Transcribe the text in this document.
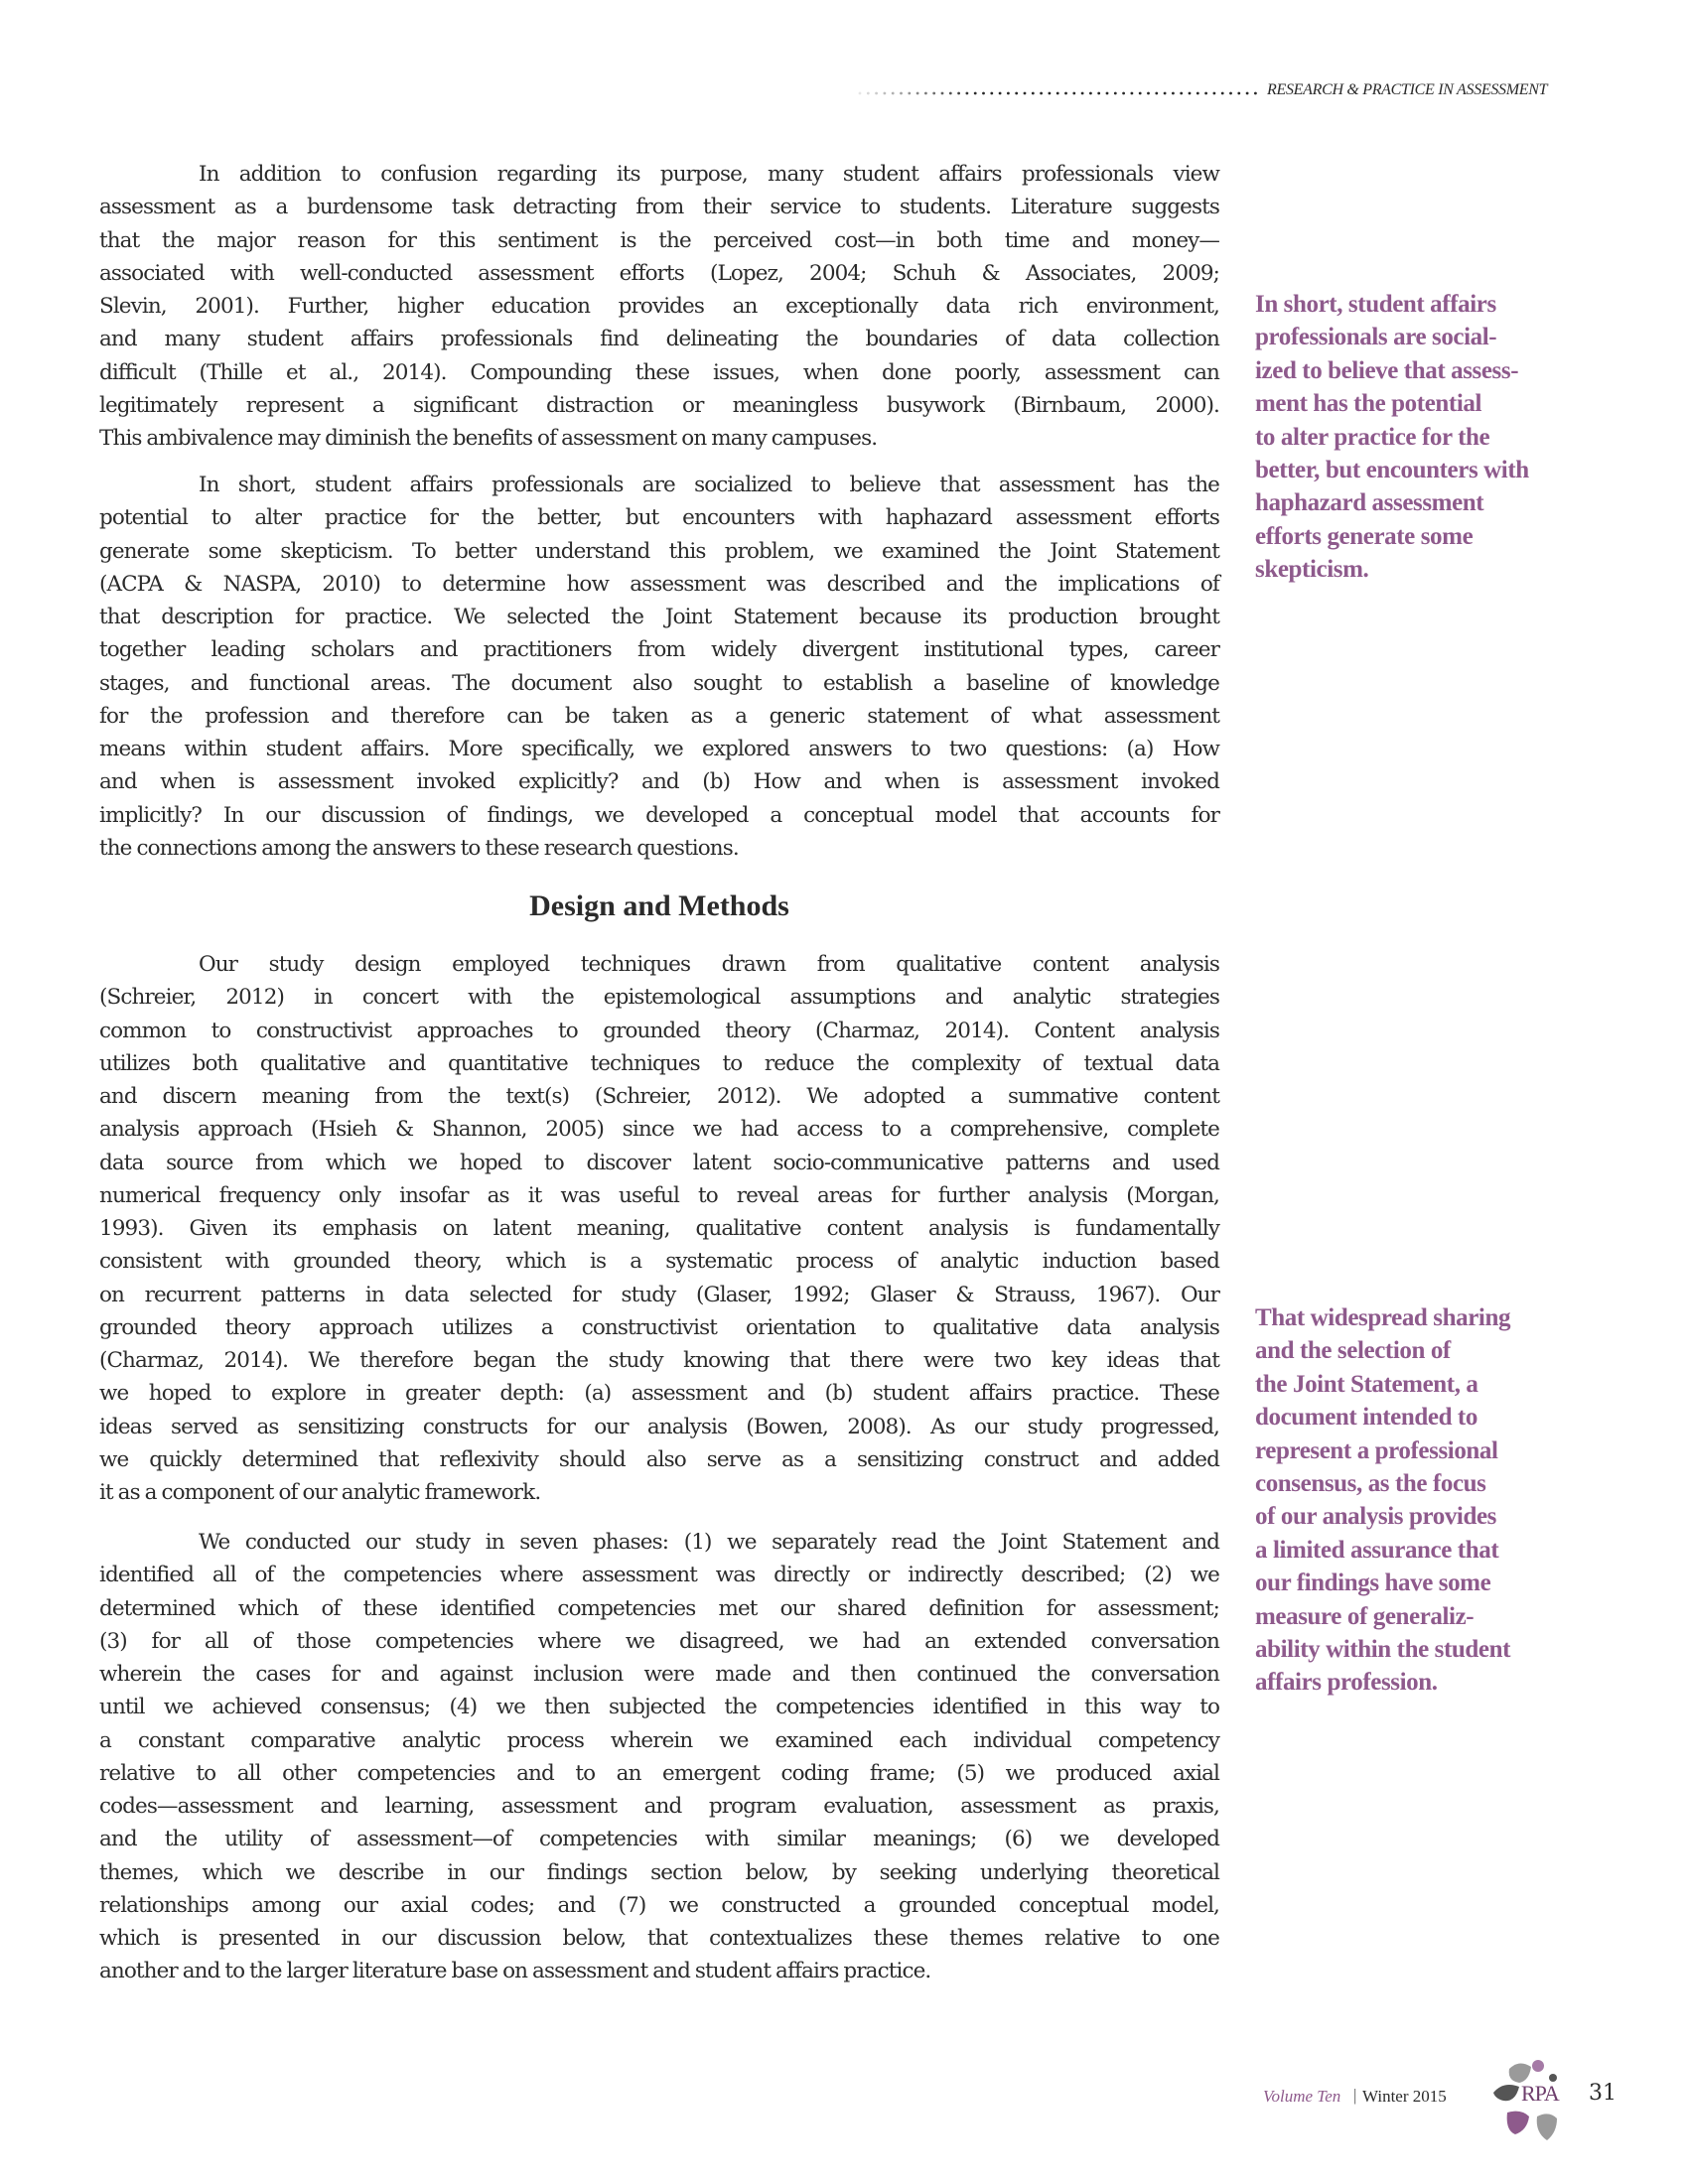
RESEARCH & PRACTICE IN ASSESSMENT
In addition to confusion regarding its purpose, many student affairs professionals view
assessment as a burdensome task detracting from their service to students. Literature suggests
that the major reason for this sentiment is the perceived cost—in both time and money—
associated with well-conducted assessment efforts (Lopez, 2004; Schuh & Associates, 2009;
Slevin, 2001). Further, higher education provides an exceptionally data rich environment,
and many student affairs professionals find delineating the boundaries of data collection
difficult (Thille et al., 2014). Compounding these issues, when done poorly, assessment can
legitimately represent a significant distraction or meaningless busywork (Birnbaum, 2000).
This ambivalence may diminish the benefits of assessment on many campuses.
In short, student affairs professionals are socialized to believe that assessment has the
potential to alter practice for the better, but encounters with haphazard assessment efforts
generate some skepticism. To better understand this problem, we examined the Joint Statement
(ACPA & NASPA, 2010) to determine how assessment was described and the implications of
that description for practice. We selected the Joint Statement because its production brought
together leading scholars and practitioners from widely divergent institutional types, career
stages, and functional areas. The document also sought to establish a baseline of knowledge
for the profession and therefore can be taken as a generic statement of what assessment
means within student affairs. More specifically, we explored answers to two questions: (a) How
and when is assessment invoked explicitly? and (b) How and when is assessment invoked
implicitly? In our discussion of findings, we developed a conceptual model that accounts for
the connections among the answers to these research questions.
Our study design employed techniques drawn from qualitative content analysis
(Schreier, 2012) in concert with the epistemological assumptions and analytic strategies
common to constructivist approaches to grounded theory (Charmaz, 2014). Content analysis
utilizes both qualitative and quantitative techniques to reduce the complexity of textual data
and discern meaning from the text(s) (Schreier, 2012). We adopted a summative content
analysis approach (Hsieh & Shannon, 2005) since we had access to a comprehensive, complete
data source from which we hoped to discover latent socio-communicative patterns and used
numerical frequency only insofar as it was useful to reveal areas for further analysis (Morgan,
1993). Given its emphasis on latent meaning, qualitative content analysis is fundamentally
consistent with grounded theory, which is a systematic process of analytic induction based
on recurrent patterns in data selected for study (Glaser, 1992; Glaser & Strauss, 1967). Our
grounded theory approach utilizes a constructivist orientation to qualitative data analysis
(Charmaz, 2014). We therefore began the study knowing that there were two key ideas that
we hoped to explore in greater depth: (a) assessment and (b) student affairs practice. These
ideas served as sensitizing constructs for our analysis (Bowen, 2008). As our study progressed,
we quickly determined that reflexivity should also serve as a sensitizing construct and added
it as a component of our analytic framework.
We conducted our study in seven phases: (1) we separately read the Joint Statement and
identified all of the competencies where assessment was directly or indirectly described; (2) we
determined which of these identified competencies met our shared definition for assessment;
(3) for all of those competencies where we disagreed, we had an extended conversation
wherein the cases for and against inclusion were made and then continued the conversation
until we achieved consensus; (4) we then subjected the competencies identified in this way to
a constant comparative analytic process wherein we examined each individual competency
relative to all other competencies and to an emergent coding frame; (5) we produced axial
codes—assessment and learning, assessment and program evaluation, assessment as praxis,
and the utility of assessment—of competencies with similar meanings; (6) we developed
themes, which we describe in our findings section below, by seeking underlying theoretical
relationships among our axial codes; and (7) we constructed a grounded conceptual model,
which is presented in our discussion below, that contextualizes these themes relative to one
another and to the larger literature base on assessment and student affairs practice.
Design and Methods
In short, student affairs
professionals are social-
ized to believe that assess-
ment has the potential
to alter practice for the
better, but encounters with
haphazard assessment
efforts generate some
skepticism.
That widespread sharing
and the selection of
the Joint Statement, a
document intended to
represent a professional
consensus, as the focus
of our analysis provides
a limited assurance that
our findings have some
measure of generaliz-
ability within the student
affairs profession.
Volume Ten | Winter 2015	RPA 31
